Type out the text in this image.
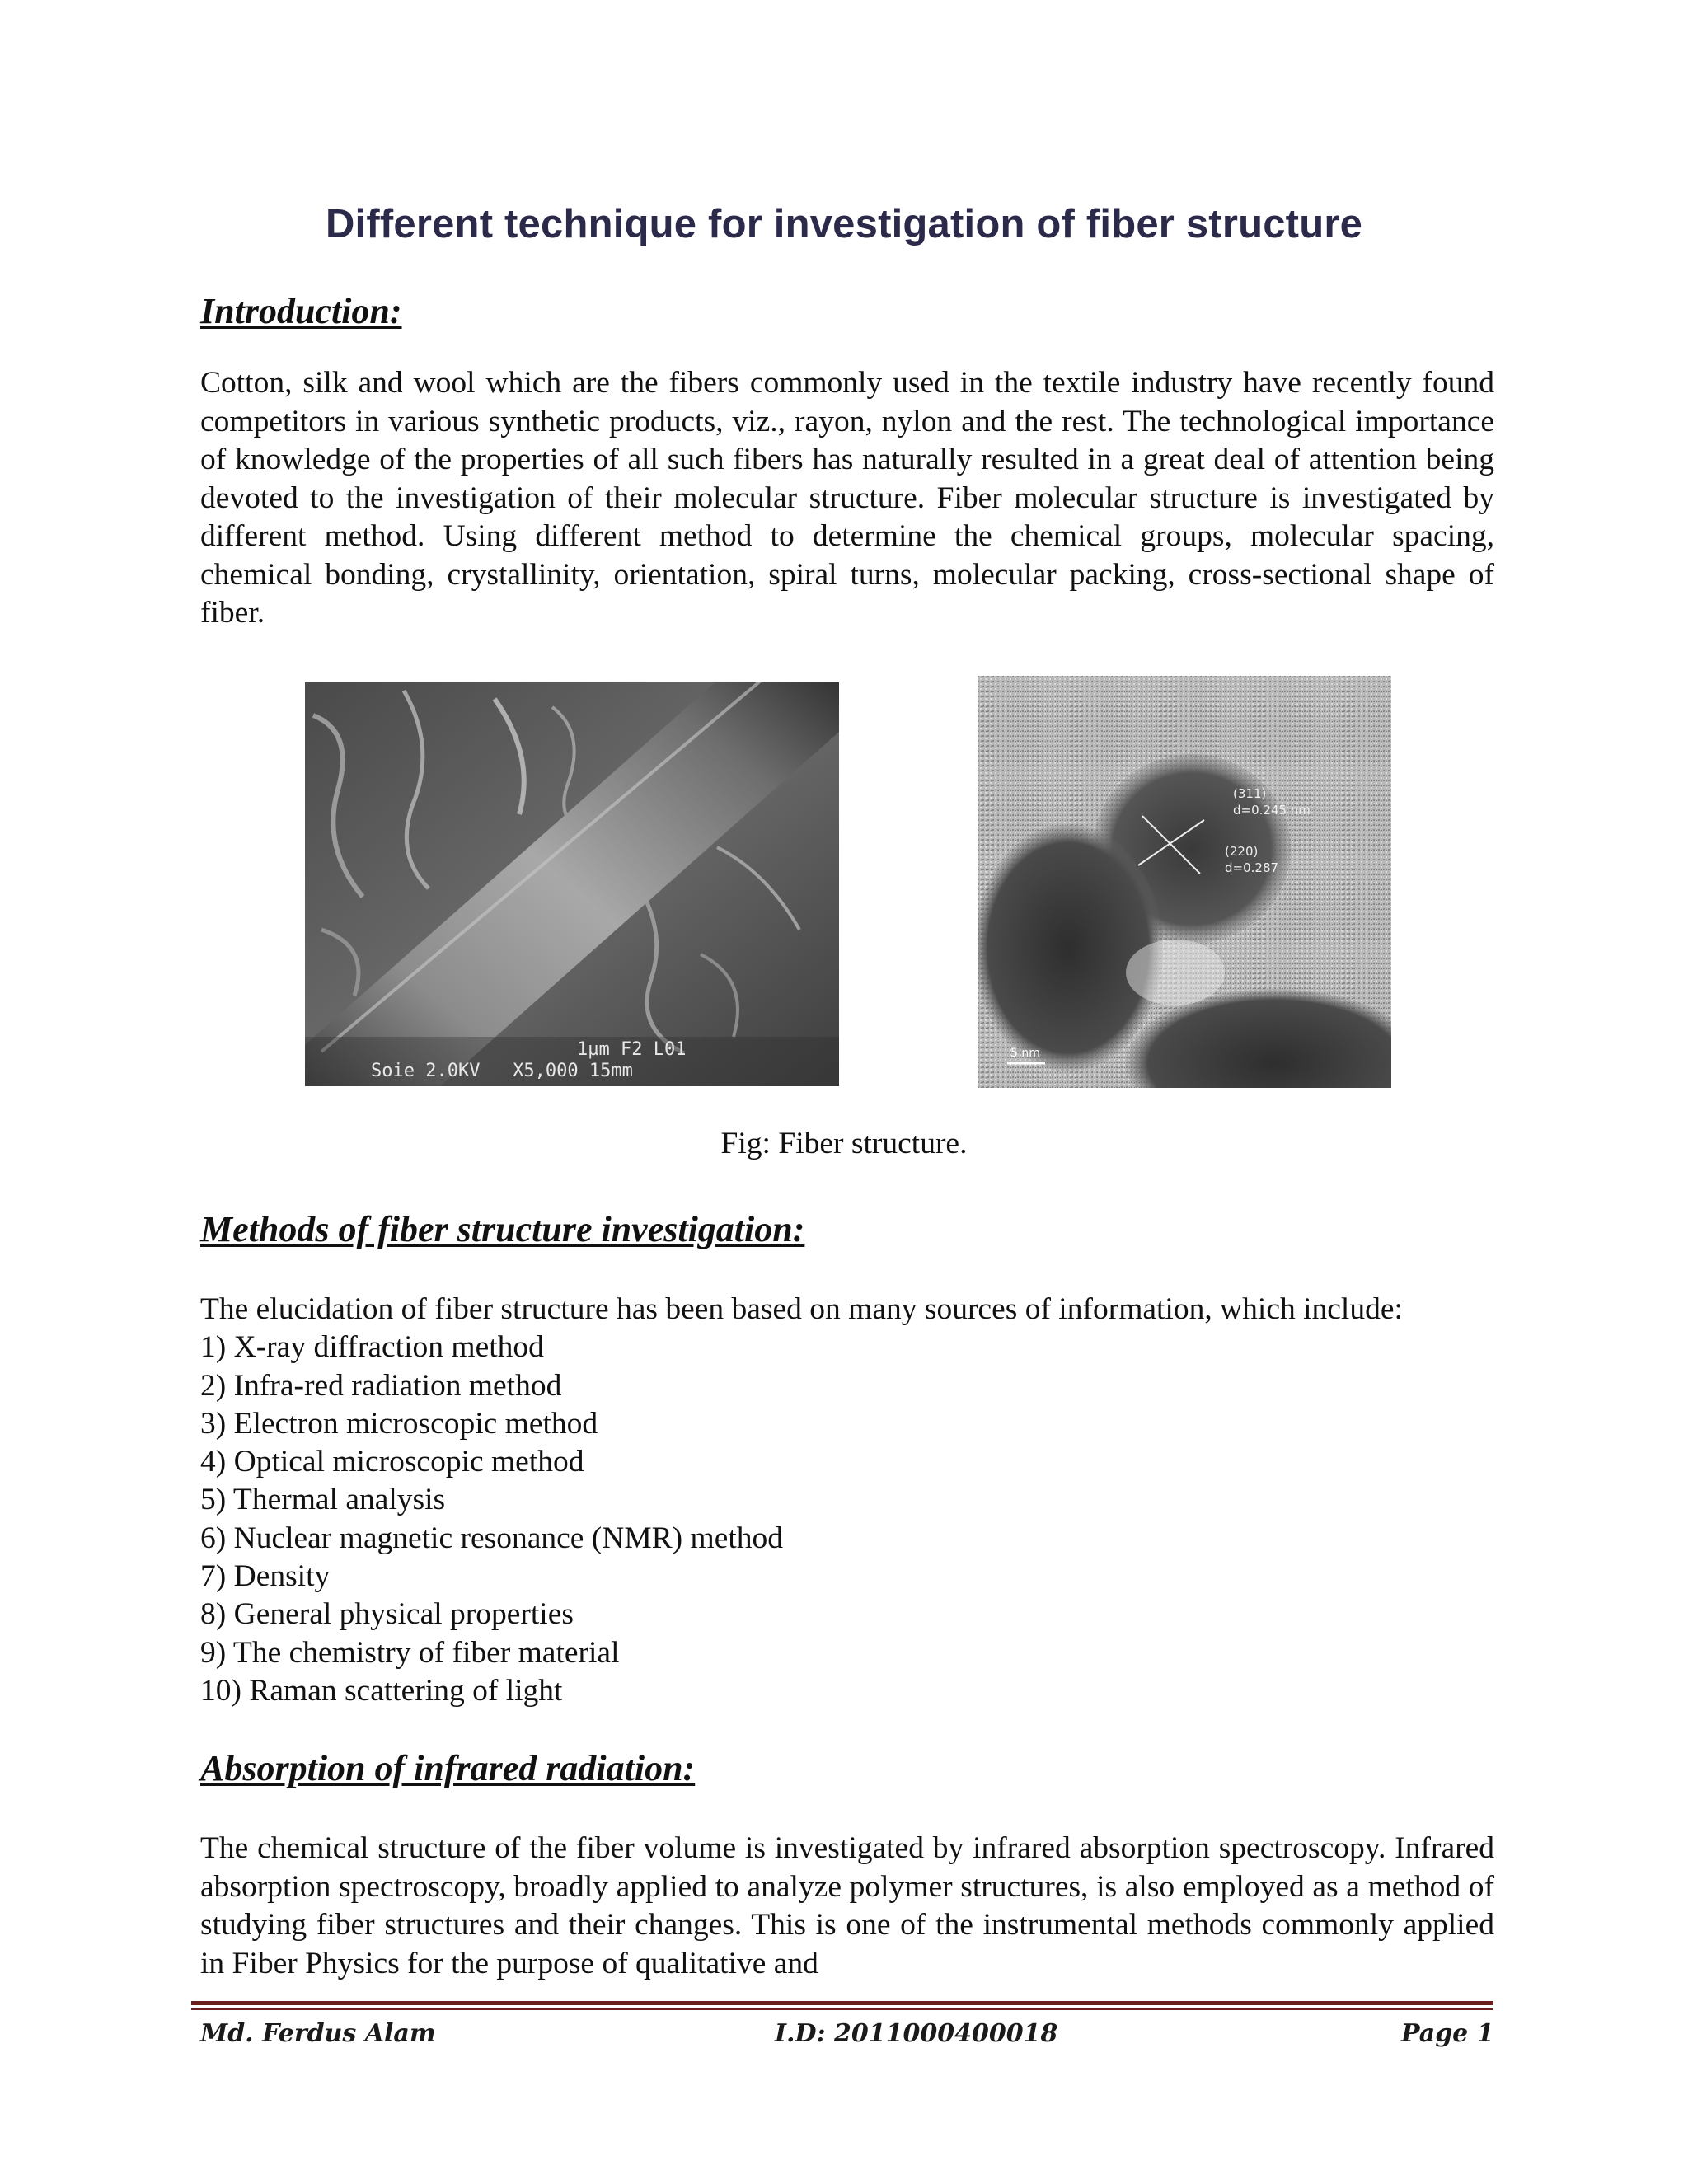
Different technique for investigation of fiber structure
Introduction:
Cotton, silk and wool which are the fibers commonly used in the textile industry have recently found competitors in various synthetic products, viz., rayon, nylon and the rest. The technological importance of knowledge of the properties of all such fibers has naturally resulted in a great deal of attention being devoted to the investigation of their molecular structure. Fiber molecular structure is investigated by different method. Using different method to determine the chemical groups, molecular spacing, chemical bonding, crystallinity, orientation, spiral turns, molecular packing, cross-sectional shape of fiber.
1µm F2 L01
Soie 2.0KV   X5,000 15mm
(311)
d=0.245 nm
(220)
d=0.287
5 nm
Fig: Fiber structure.
Methods of fiber structure investigation:
The elucidation of fiber structure has been based on many sources of information, which include:
1) X-ray diffraction method
2) Infra-red radiation method
3) Electron microscopic method
4) Optical microscopic method
5) Thermal analysis
6) Nuclear magnetic resonance (NMR) method
7) Density
8) General physical properties
9) The chemistry of fiber material
10) Raman scattering of light
Absorption of infrared radiation:
The chemical structure of the fiber volume is investigated by infrared absorption spectroscopy. Infrared absorption spectroscopy, broadly applied to analyze polymer structures, is also employed as a method of studying fiber structures and their changes. This is one of the instrumental methods commonly applied in Fiber Physics for the purpose of qualitative and
Md. Ferdus Alam	I.D: 2011000400018	Page 1
